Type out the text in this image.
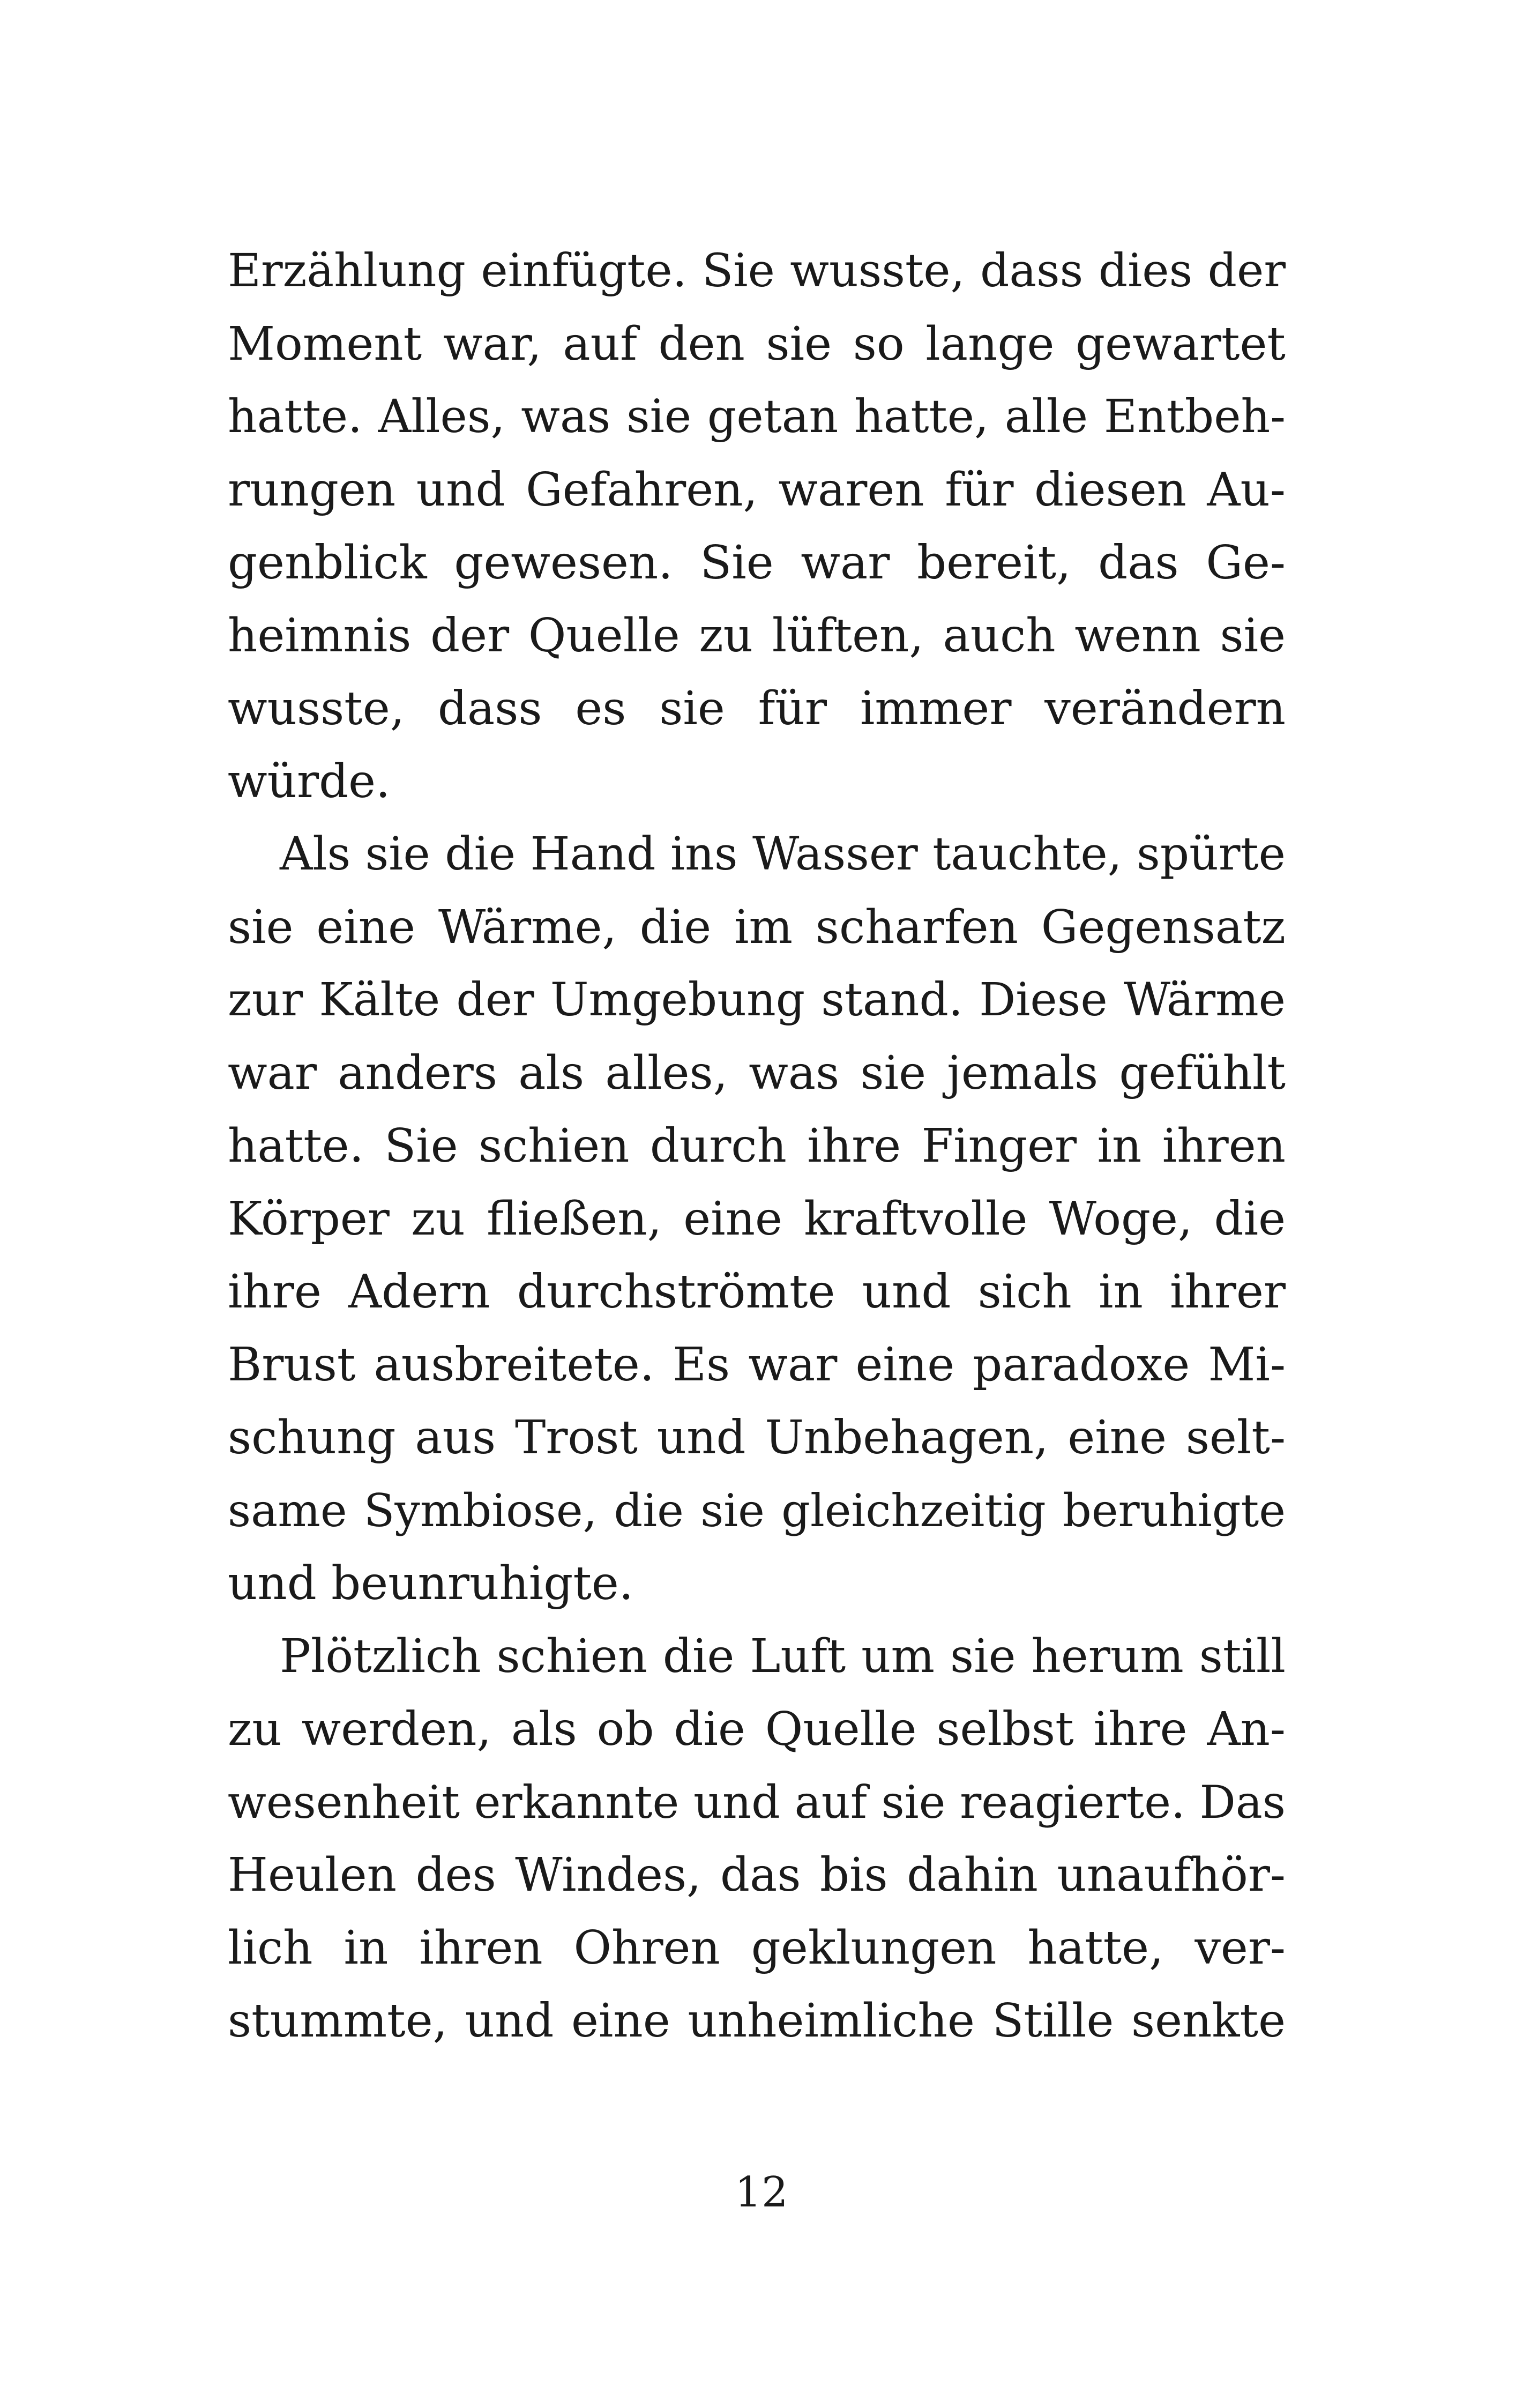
Erzählung einfügte. Sie wusste, dass dies der
Moment war, auf den sie so lange gewartet
hatte. Alles, was sie getan hatte, alle Entbeh-
rungen und Gefahren, waren für diesen Au-
genblick gewesen. Sie war bereit, das Ge-
heimnis der Quelle zu lüften, auch wenn sie
wusste, dass es sie für immer verändern
würde.
Als sie die Hand ins Wasser tauchte, spürte
sie eine Wärme, die im scharfen Gegensatz
zur Kälte der Umgebung stand. Diese Wärme
war anders als alles, was sie jemals gefühlt
hatte. Sie schien durch ihre Finger in ihren
Körper zu fließen, eine kraftvolle Woge, die
ihre Adern durchströmte und sich in ihrer
Brust ausbreitete. Es war eine paradoxe Mi-
schung aus Trost und Unbehagen, eine selt-
same Symbiose, die sie gleichzeitig beruhigte
und beunruhigte.
Plötzlich schien die Luft um sie herum still
zu werden, als ob die Quelle selbst ihre An-
wesenheit erkannte und auf sie reagierte. Das
Heulen des Windes, das bis dahin unaufhör-
lich in ihren Ohren geklungen hatte, ver-
stummte, und eine unheimliche Stille senkte
12
